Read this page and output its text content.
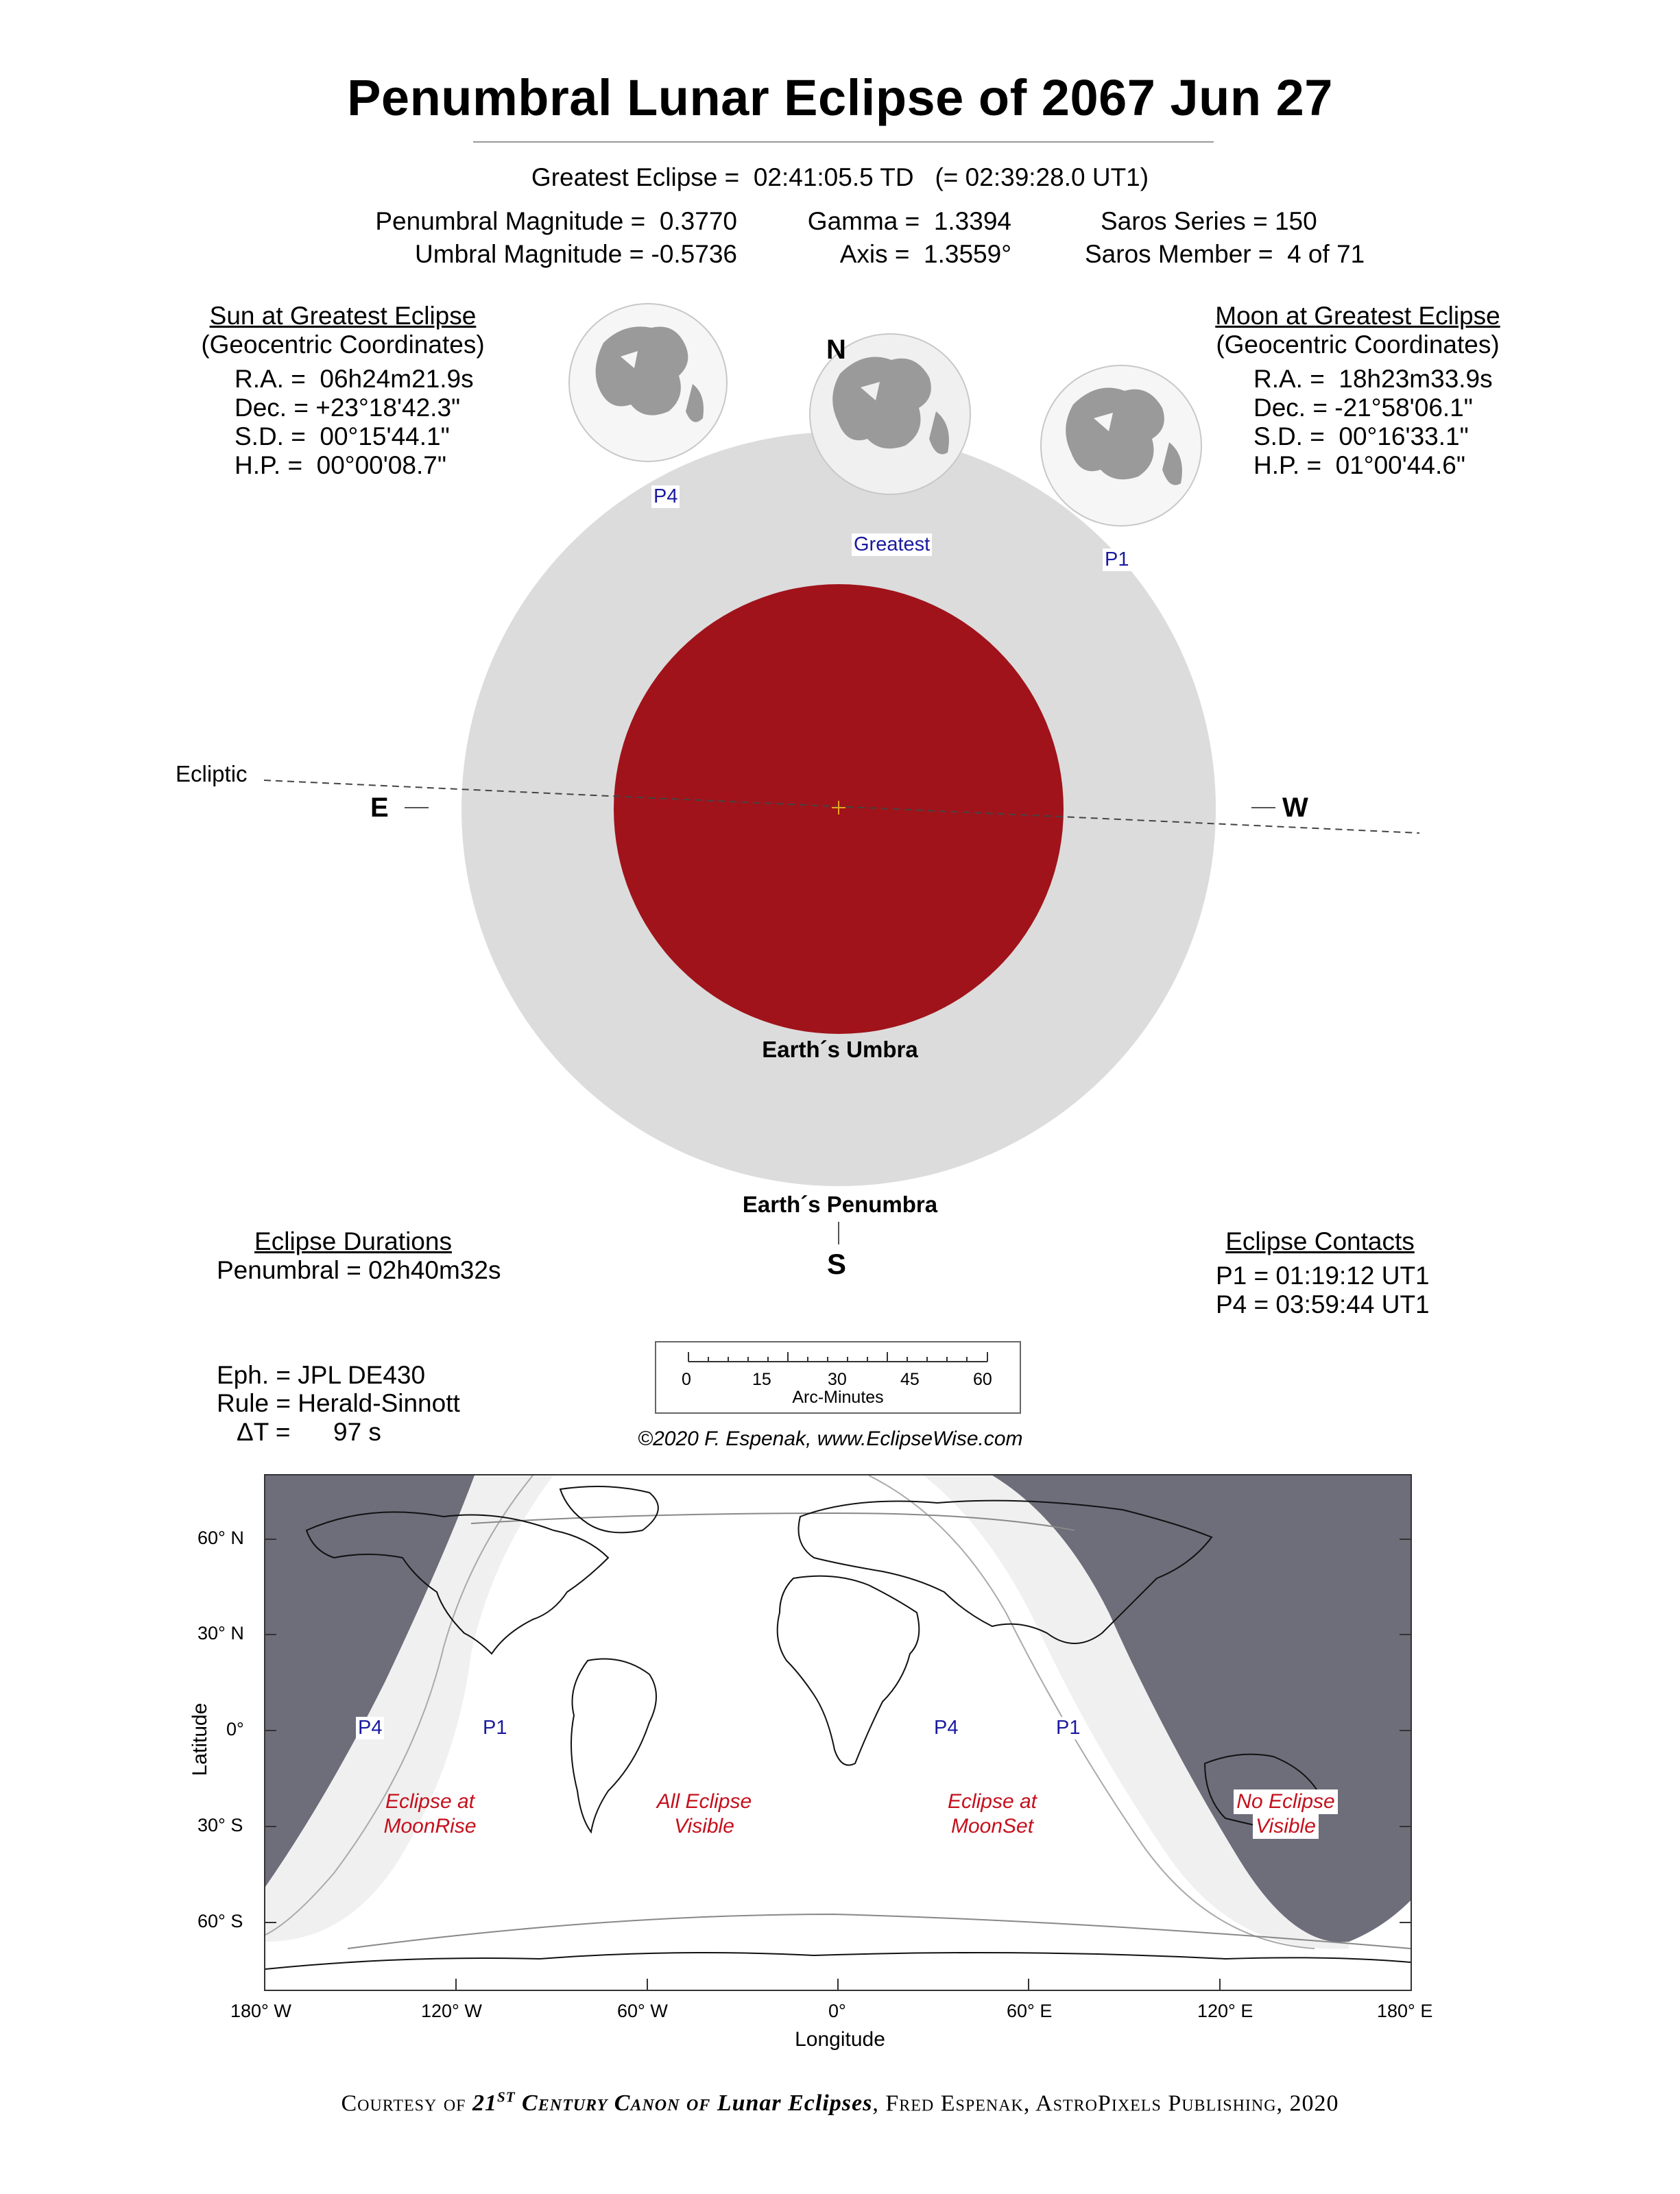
Penumbral Lunar Eclipse of 2067 Jun 27
Greatest Eclipse =  02:41:05.5 TD   (= 02:39:28.0 UT1)
Penumbral Magnitude =  0.3770
Umbral Magnitude = -0.5736
Gamma =  1.3394
Axis =  1.3559°
Saros Series = 150
Saros Member =  4 of 71
Sun at Greatest Eclipse
(Geocentric Coordinates)
R.A. =  06h24m21.9s
Dec. = +23°18'42.3"
S.D. =  00°15'44.1"
H.P. =  00°00'08.7"
Moon at Greatest Eclipse
(Geocentric Coordinates)
R.A. =  18h23m33.9s
Dec. = -21°58'06.1"
S.D. =  00°16'33.1"
H.P. =  01°00'44.6"
N
S
E	W
Ecliptic
P4
Greatest
P1
Earth´s Umbra
Earth´s Penumbra
Eclipse Durations
Penumbral = 02h40m32s
Eclipse Contacts
P1 = 01:19:12 UT1
P4 = 03:59:44 UT1
Eph. = JPL DE430
Rule = Herald-Sinnott
ΔT = 97 s
0	15	30	45	60
Arc-Minutes
©2020 F. Espenak, www.EclipseWise.com
P4	P1	P4	P1
Eclipse at
MoonRise
All Eclipse
Visible
Eclipse at
MoonSet
No Eclipse
Visible
60° N
30° N
0°
30° S
60° S
Latitude
180° W	120° W	60° W	0°	60° E	120° E	180° E
Longitude
Courtesy of 21st Century Canon of Lunar Eclipses, Fred Espenak, AstroPixels Publishing, 2020
